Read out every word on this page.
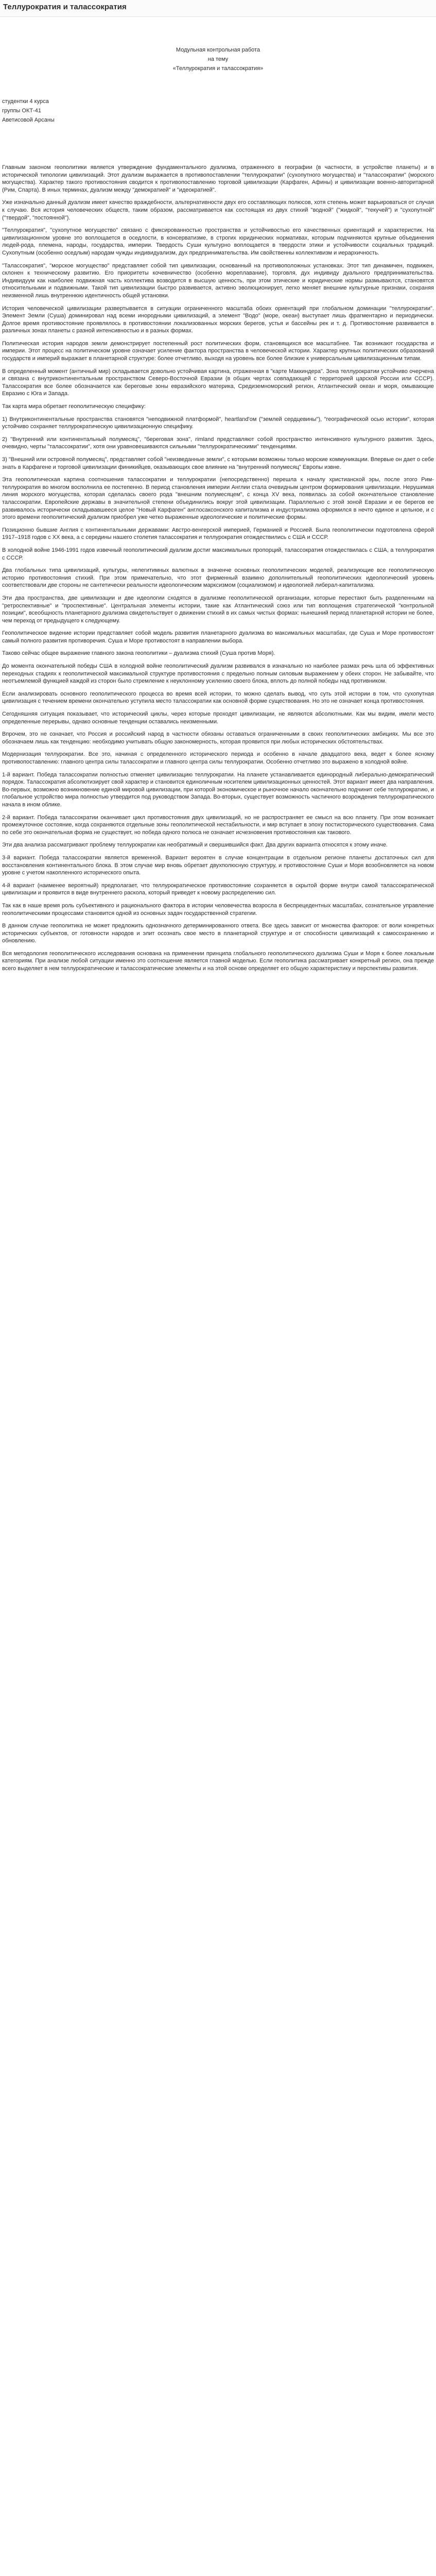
Теллурократия и талассократия
Модульная контрольная работа
на тему
«Теллурократия и талассократия»
студентки 4 курса
группы ОКТ-41
Аветисовой Арсаны

Главным законом геополитики является утверждение фундаментального дуализма, отраженного в географии (в частности, в устройстве планеты) и в исторической типологии цивилизаций. Этот дуализм выражается в противопоставлении "теллурократии" (сухопутного могущества) и "талассократии" (морского могущества). Характер такого противостояния сводится к противопоставлению торговой цивилизации (Карфаген, Афины) и цивилизации военно-авторитарной (Рим, Спарта). В иных терминах, дуализм между "демократией" и "идеократией".

Уже изначально данный дуализм имеет качество враждебности, альтернативности двух его составляющих полюсов, хотя степень может варьироваться от случая к случаю. Вся история человеческих обществ, таким образом, рассматривается как состоящая из двух стихий "водной" ("жидкой", "текучей") и "сухопутной" ("твердой", "постоянной").

"Теллурократия", "сухопутное могущество" связано с фиксированностью пространства и устойчивостью его качественных ориентаций и характеристик. На цивилизационном уровне это воплощается в оседлости, в консерватизме, в строгих юридических нормативах, которым подчиняются крупные объединения людей-рода, племена, народы, государства, империи. Твердость Суши культурно воплощается в твердости этики и устойчивости социальных традиций. Сухопутным (особенно оседлым) народам чужды индивидуализм, дух предпринимательства. Им свойственны коллективизм и иерархичность.

"Талассократия", "морское могущество" представляет собой тип цивилизации, основанный на противоположных установках. Этот тип динамичен, подвижен, склонен к техническому развитию. Его приоритеты кочевничество (особенно мореплавание), торговля, дух индивиду дуального предпринимательства. Индивидуум как наиболее подвижная часть коллектива возводится в высшую ценность, при этом этические и юридические нормы размываются, становятся относительными и подвижными. Такой тип цивилизации быстро развивается, активно эволюционирует, легко меняет внешние культурные признаки, сохраняя неизменной лишь внутреннюю идентичность общей установки.

История человеческой цивилизации развертывается в ситуации ограниченного масштаба обоих ориентаций при глобальном доминации "теллурократии". Элемент Земли (Суша) доминировал над всеми инородными цивилизаций, а элемент "Водо" (море, океан) выступает лишь фрагментарно и периодически. Долгое время противостояние проявлялось в противостоянии локализованных морских берегов, устья и бассейны рек и т. д. Противостояние развивается в различных зонах планеты с разной интенсивностью и в разных формах.

Политическая история народов земли демонстрирует постепенный рост политических форм, становящихся все масштабнее. Так возникают государства и империи. Этот процесс на политическом уровне означает усиление фактора пространства в человеческой истории. Характер крупных политических образований государств и империй выражает в планетарной структуре: более отчетливо, выходя на уровень все более близкие к универсальным цивилизационным типам.

В определенный момент (античный мир) складывается довольно устойчивая картина, отраженная в "карте Маккиндера". Зона теллурократии устойчиво очерчена и связана с внутриконтинентальным пространством Северо-Восточной Евразии (в общих чертах совпадающей с территорией царской России или СССР). Талассократия все более обозначается как береговые зоны евразийского материка, Средиземноморский регион, Атлантический океан и моря, омывающие Евразию с Юга и Запада.

Так карта мира обретает геополитическую специфику:

1) Внутриконтинентальные пространства становятся "неподвижной платформой", heartland'ом ("землей сердцевины"), "географической осью истории", которая устойчиво сохраняет теллурократическую цивилизационную специфику.

2) "Внутренний или континентальный полумесяц", "береговая зона", rimland представляют собой пространство интенсивного культурного развития. Здесь, очевидно, черты "талассократии", хотя они уравновешиваются сильными "теллурократическими" тенденциями.

3) "Внешний или островной полумесяц", представляет собой "неизведанные земли", с которыми возможны только морские коммуникации. Впервые он дает о себе знать в Карфагене и торговой цивилизации финикийцев, оказывающих свое влияние на "внутренний полумесяц" Европы извне.

Эта геополитическая картина соотношения талассократии и теллурократии (непосредственно) перешла к началу христианской эры, после этого Рим-теллурократия во многом восполнила ее постепенно. В период становления империи Англии стала очевидным центром формирования цивилизации. Нерушимая линия морского могущества, которая сделалась своего рода "внешним полумесяцем", с конца XV века, появилась за собой окончательное становление талассократии. Европейские державы в значительной степени объединились вокруг этой цивилизации. Параллельно с этой зоной Евразии и ее берегов ее развивалось исторически складывавшееся целое "Новый Карфаген" англосаксонского капитализма и индустриализма оформился в нечто единое и цельное, и с этого времени геополитический дуализм приобрел уже четко выраженные идеологические и политические формы.

Позиционно бывшие Англия с континентальными державами: Австро-венгерской империей, Германией и Россией. Была геополитически подготовлена сферой 1917–1918 годов с XX века, а с середины нашего столетия талассократия и теллурократия отождествились с США и СССР.

В холодной войне 1946-1991 годов извечный геополитический дуализм достиг максимальных пропорций, талассократия отождествилась с США, а теллурократия с СССР.

Два глобальных типа цивилизаций, культуры, нелегитимных валютных в значенче основных геополитических моделей, реализующие все геополитическую историю противостояния стихий. При этом примечательно, что этот фирменный взаимно дополнительный геополитических идеологический уровень соответствовали две стороны не сантетически реальности идеологическим марксизмом (социализмом) и идеологией либерал-капитализма.

Эти два пространства, две цивилизации и две идеологии сходятся в дуализме геополитической организации, которые перестают быть разделенными на "ретроспективные" и "проспективные". Центральная элементы истории, такие как Атлантический союз или тип воплощения стратегической "контрольной позиции", всеобщность планетарного дуализма свидетельствует о движении стихий в их самых чистых формах: нынешний период планетарной истории не более, чем переход от предыдущего к следующему.

Геополитическое видение истории представляет собой модель развития планетарного дуализма во максимальных масштабах, где Суша и Море противостоят самый полного развития противоречия. Суша и Море противостоят в направлении выбора.

Таково сейчас общее выражение главного закона геополитики – дуализма стихий (Суша против Моря).

До момента окончательной победы США в холодной войне геополитический дуализм развивался в изначально но наиболее размах речь шла об эффективных переходных стадиях к геополитической максимальной структуре противостояния с предельно полным силовым выражением у обеих сторон. Не забывайте, что неотъемлемой функцией каждой из сторон было стремление к неуклонному усилению своего блока, вплоть до полной победы над противником.

Если анализировать основного геополитического процесса во время всей истории, то можно сделать вывод, что суть этой истории в том, что сухопутная цивилизация с течением времени окончательно уступила место талассократии как основной форме существования. Но это не означает конца противостояния.

Сегодняшняя ситуация показывает, что исторический циклы, через которые проходят цивилизации, не являются абсолютными. Как мы видим, имели место определенные перерывы, однако основные тенденции оставались неизменными.

Впрочем, это не означает, что Россия и российский народ в частности обязаны оставаться ограниченными в своих геополитических амбициях. Мы все это обозначаем лишь как тенденцию: необходимо учитывать общую закономерность, которая проявится при любых исторических обстоятельствах.

Модернизация теллурократии. Все это, начиная с определенного исторического периода и особенно в начале двадцатого века, ведет к более ясному противопоставлению: главного центра силы талассократии и главного центра силы теллурократии. Особенно отчетливо это выражено в холодной войне.

1-й вариант. Победа талассократии полностью отменяет цивилизацию теллурократии. На планете устанавливается единородный либерально-демократический порядок. Талассократия абсолютизирует свой характер и становится единоличным носителем цивилизационных ценностей. Этот вариант имеет два направления. Во-первых, возможно возникновение единой мировой цивилизации, при которой экономическое и рыночное начало окончательно подчинит себе теллурократию, и глобальное устройство мира полностью утвердится под руководством Запада. Во-вторых, существует возможность частичного возрождения теллурократического начала в ином облике.

2-й вариант. Победа талассократии оканчивает цикл противостояния двух цивилизаций, но не распространяет ее смысл на всю планету. При этом возникает промежуточное состояние, когда сохраняются отдельные зоны геополитической нестабильности, и мир вступает в эпоху постисторического существования. Сама по себе это окончательная форма не существует, но победа одного полюса не означает исчезновения противостояния как такового.

Эти два анализа рассматривают проблему теллурократии как необратимый и свершившийся факт. Два других варианта относятся к этому иначе.

3-й вариант. Победа талассократии является временной. Вариант вероятен в случае концентрации в отдельном регионе планеты достаточных сил для восстановления континентального блока. В этом случае мир вновь обретает двухполюсную структуру, и противостояние Суши и Моря возобновляется на новом уровне с учетом накопленного исторического опыта.

4-й вариант (наименее вероятный) предполагает, что теллурократическое противостояние сохраняется в скрытой форме внутри самой талассократической цивилизации и проявится в виде внутреннего раскола, который приведет к новому распределению сил.

Так как в наше время роль субъективного и рационального фактора в истории человечества возросла в беспрецедентных масштабах, сознательное управление геополитическими процессами становится одной из основных задач государственной стратегии.

В данном случае геополитика не может предложить однозначного детерминированного ответа. Все здесь зависит от множества факторов: от воли конкретных исторических субъектов, от готовности народов и элит осознать свое место в планетарной структуре и от способности цивилизаций к самосохранению и обновлению.

Вся методология геополитического исследования основана на применении принципа глобального геополитического дуализма Суши и Моря к более локальным категориям. При анализе любой ситуации именно это соотношение является главной моделью. Если геополитика рассматривает конкретный регион, она прежде всего выделяет в нем теллурократические и талассократические элементы и на этой основе определяет его общую характеристику и перспективы развития.
